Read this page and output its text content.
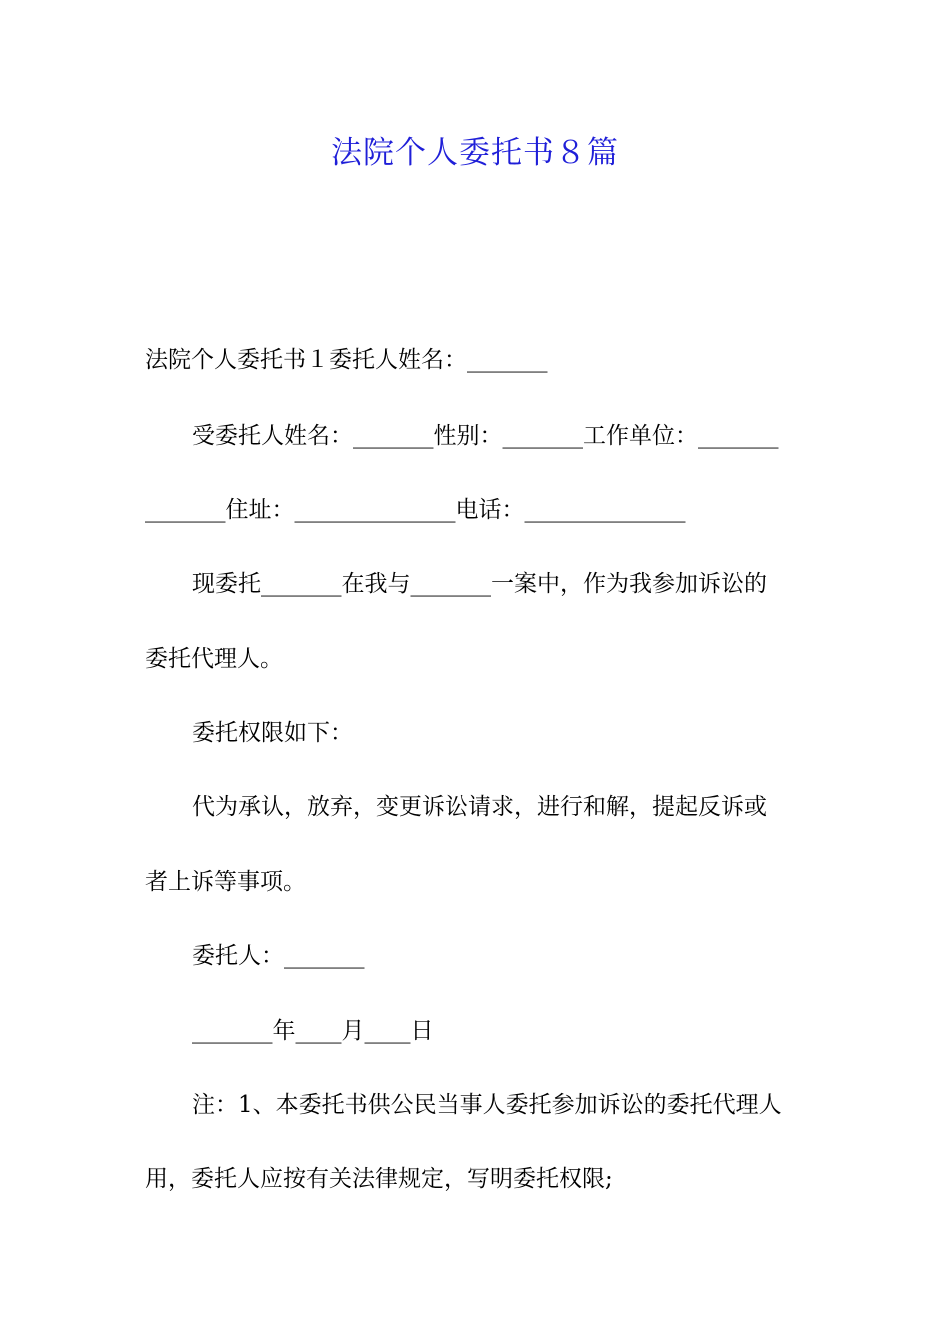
法院个人委托书８篇
法院个人委托书１委托人姓名：_______
受委托人姓名：_______性别：_______工作单位：_______
_______住址：______________电话：______________
现委托_______在我与_______一案中，作为我参加诉讼的
委托代理人。
委托权限如下：
代为承认，放弃，变更诉讼请求，进行和解，提起反诉或
者上诉等事项。
委托人：_______
_______年____月____日
注：1、本委托书供公民当事人委托参加诉讼的委托代理人
用，委托人应按有关法律规定，写明委托权限;
